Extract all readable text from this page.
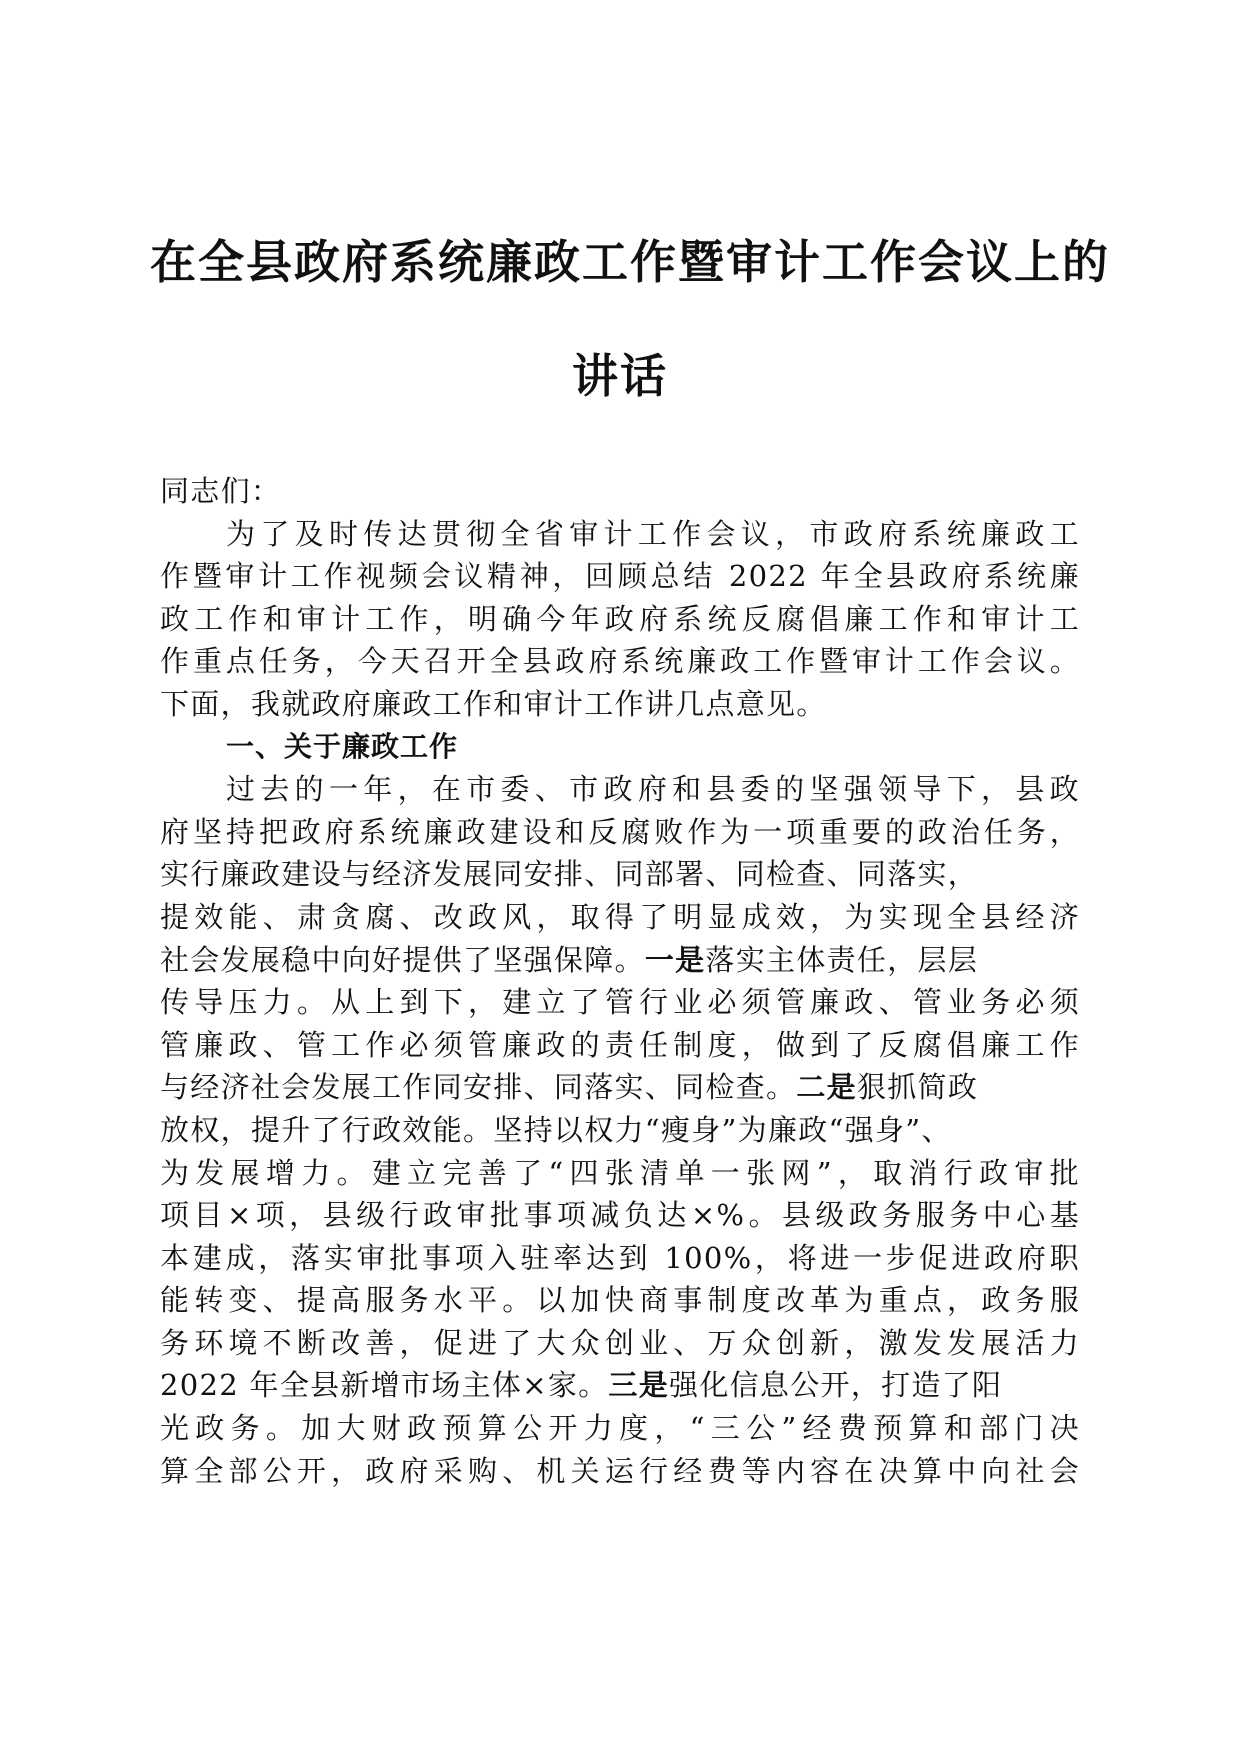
在全县政府系统廉政工作暨审计工作会议上的
讲话
同志们：
为了及时传达贯彻全省审计工作会议，市政府系统廉政工
作暨审计工作视频会议精神，回顾总结 2022 年全县政府系统廉
政工作和审计工作，明确今年政府系统反腐倡廉工作和审计工
作重点任务，今天召开全县政府系统廉政工作暨审计工作会议。
下面，我就政府廉政工作和审计工作讲几点意见。
一、关于廉政工作
过去的一年，在市委、市政府和县委的坚强领导下，县政
府坚持把政府系统廉政建设和反腐败作为一项重要的政治任务，
实行廉政建设与经济发展同安排、同部署、同检查、同落实，
提效能、肃贪腐、改政风，取得了明显成效，为实现全县经济
社会发展稳中向好提供了坚强保障。一是落实主体责任，层层
传导压力。从上到下，建立了管行业必须管廉政、管业务必须
管廉政、管工作必须管廉政的责任制度，做到了反腐倡廉工作
与经济社会发展工作同安排、同落实、同检查。二是狠抓简政
放权，提升了行政效能。坚持以权力“瘦身”为廉政“强身”、
为发展增力。建立完善了“四张清单一张网”，取消行政审批
项目×项，县级行政审批事项减负达×%。县级政务服务中心基
本建成，落实审批事项入驻率达到 100%，将进一步促进政府职
能转变、提高服务水平。以加快商事制度改革为重点，政务服
务环境不断改善，促进了大众创业、万众创新，激发发展活力
2022 年全县新增市场主体×家。三是强化信息公开，打造了阳
光政务。加大财政预算公开力度，“三公”经费预算和部门决
算全部公开，政府采购、机关运行经费等内容在决算中向社会
